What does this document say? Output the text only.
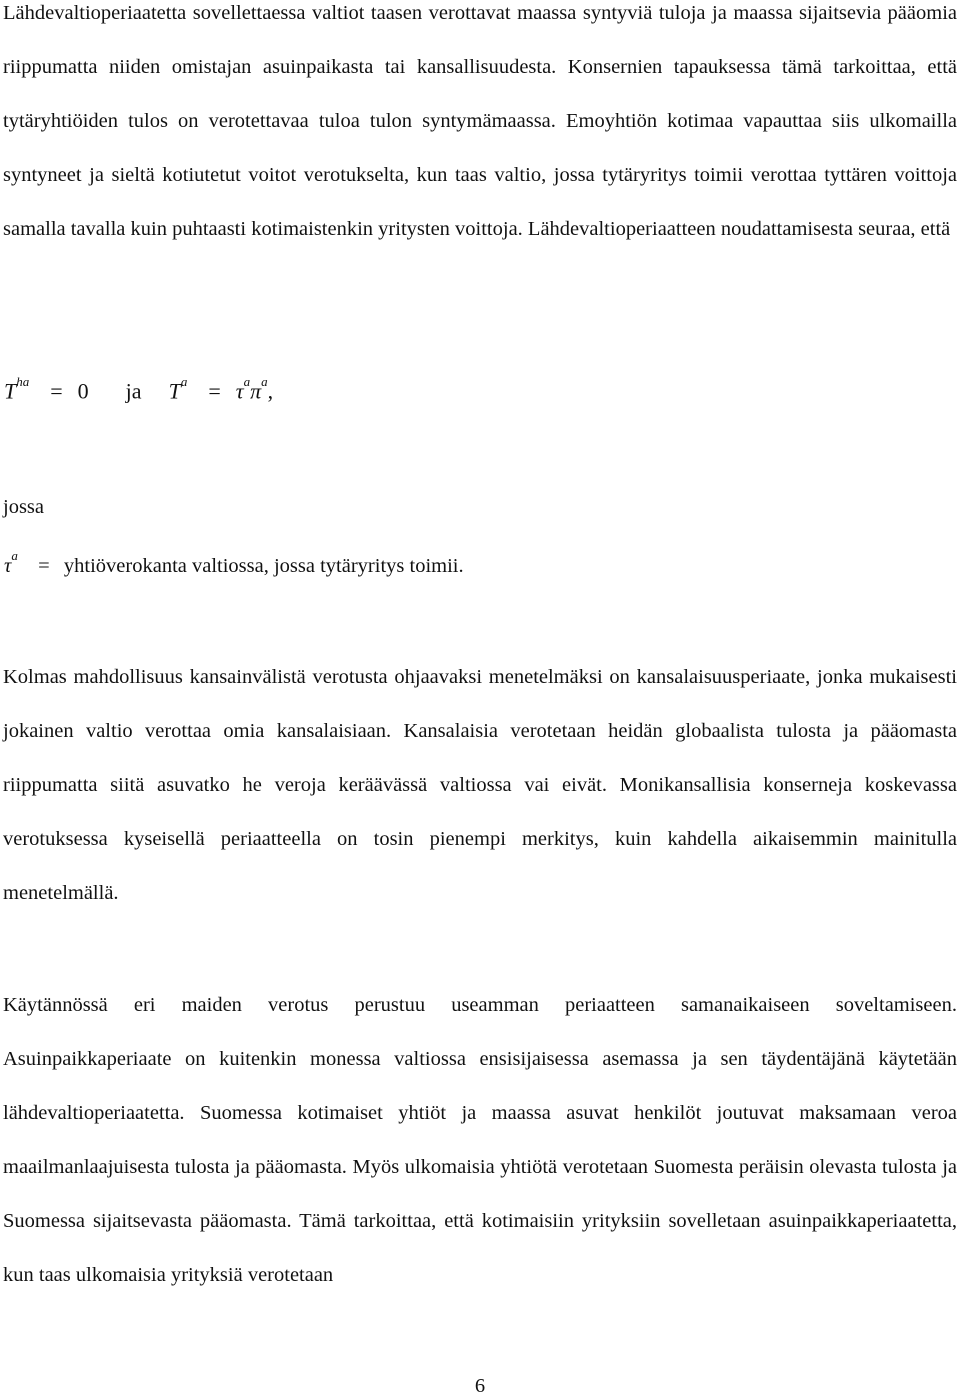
Lähdevaltioperiaatetta sovellettaessa valtiot taasen verottavat maassa syntyviä tuloja ja maassa sijaitsevia pääomia riippumatta niiden omistajan asuinpaikasta tai kansallisuudesta. Konsernien tapauksessa tämä tarkoittaa, että tytäryhtiöiden tulos on verotettavaa tuloa tulon syntymämaassa. Emoyhtiön kotimaa vapauttaa siis ulkomailla syntyneet ja sieltä kotiutetut voitot verotukselta, kun taas valtio, jossa tytäryritys toimii verottaa tyttären voittoja samalla tavalla kuin puhtaasti kotimaistenkin yritysten voittoja. Lähdevaltioperiaatteen noudattamisesta seuraa, että

$T^{ha} = 0$ ja $T^a = \tau^a\pi^a$,
jossa
$\tau^a$ = yhtiöverokanta valtiossa, jossa tytäryritys toimii.

Kolmas mahdollisuus kansainvälistä verotusta ohjaavaksi menetelmäksi on kansalaisuusperiaate, jonka mukaisesti jokainen valtio verottaa omia kansalaisiaan. Kansalaisia verotetaan heidän globaalista tulosta ja pääomasta riippumatta siitä asuvatko he veroja keräävässä valtiossa vai eivät. Monikansallisia konserneja koskevassa verotuksessa kyseisellä periaatteella on tosin pienempi merkitys, kuin kahdella aikaisemmin mainitulla menetelmällä.

Käytännössä eri maiden verotus perustuu useamman periaatteen samanaikaiseen soveltamiseen. Asuinpaikkaperiaate on kuitenkin monessa valtiossa ensisijaisessa asemassa ja sen täydentäjänä käytetään lähdevaltioperiaatetta. Suomessa kotimaiset yhtiöt ja maassa asuvat henkilöt joutuvat maksamaan veroa maailmanlaajuisesta tulosta ja pääomasta. Myös ulkomaisia yhtiötä verotetaan Suomesta peräisin olevasta tulosta ja Suomessa sijaitsevasta pääomasta. Tämä tarkoittaa, että kotimaisiin yrityksiin sovelletaan asuinpaikkaperiaatetta, kun taas ulkomaisia yrityksiä verotetaan

6
